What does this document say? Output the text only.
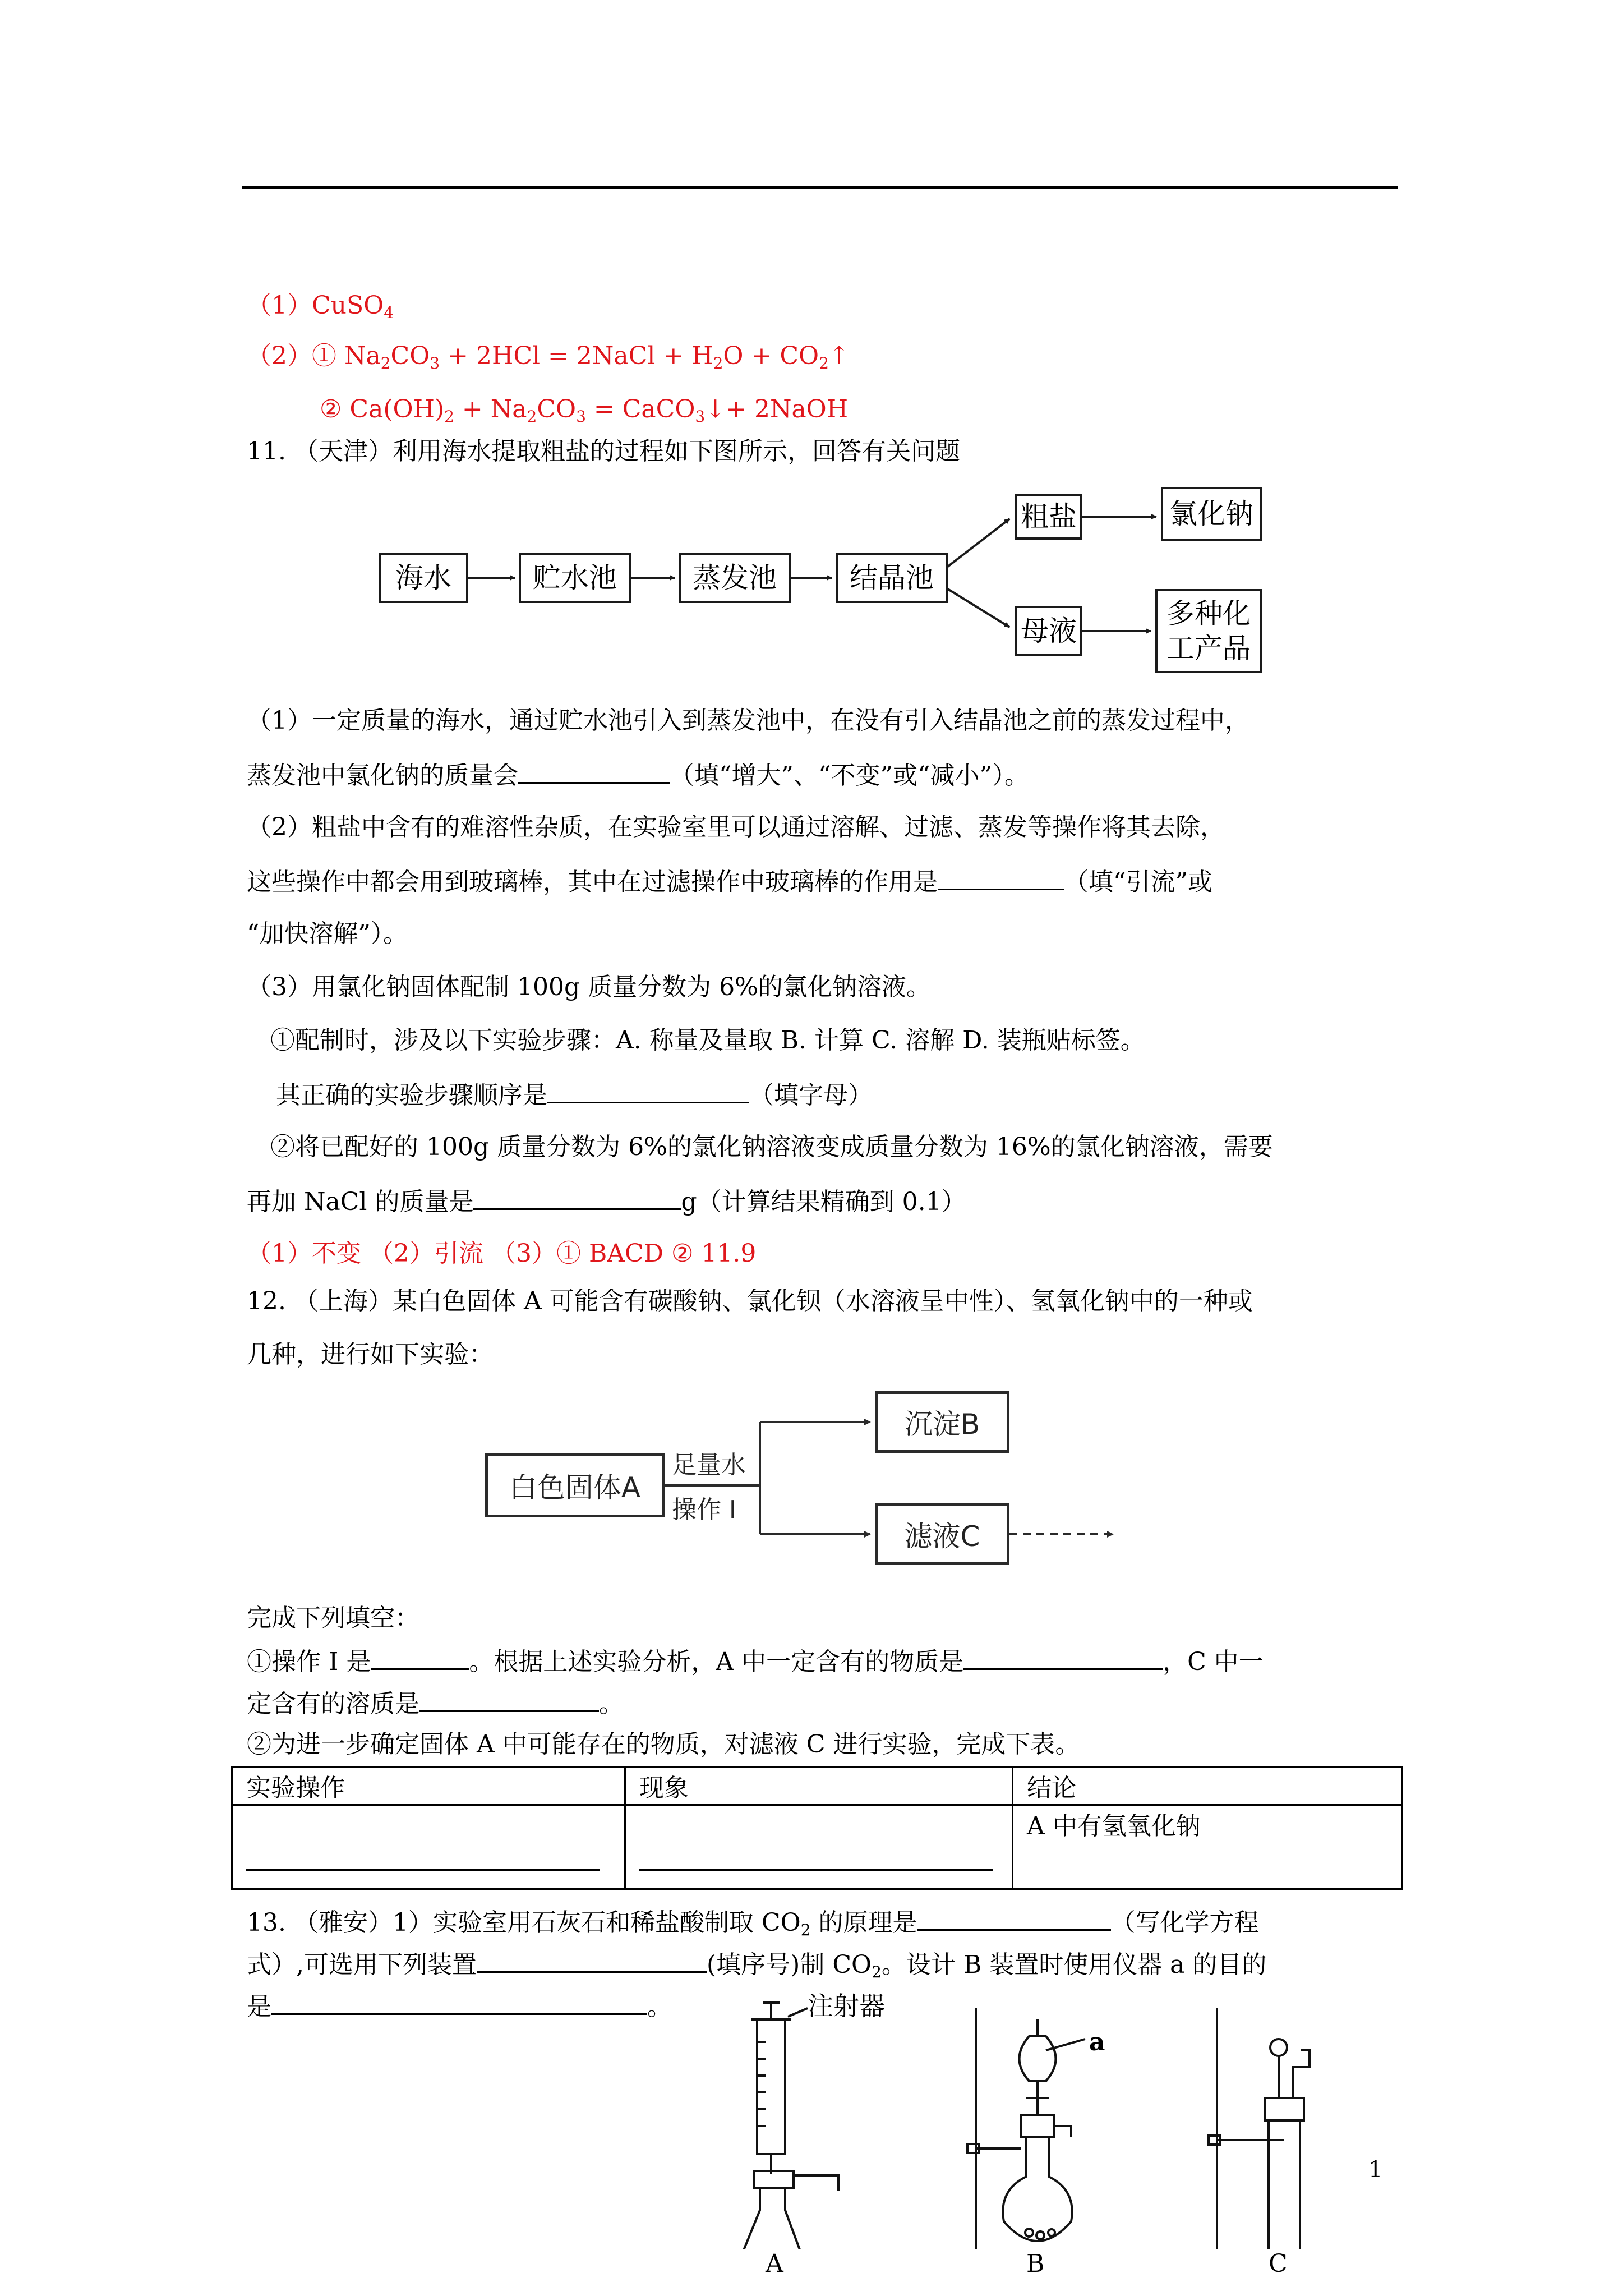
（1）CuSO$_4$
（2）① $Na_2CO_3 + 2HCl$ = 2NaCl + $H_2O$ + $CO_2↑$
② $Ca(OH)_2 + Na_2CO_3$ = CaCO$_3$↓+ 2NaOH
11. （天津）利用海水提取粗盐的过程如下图所示，回答有关问题
海水	贮水池	蒸发池	结晶池
粗盐	氯化钠
母液
多种化
工产品
（1）一定质量的海水，通过贮水池引入到蒸发池中，在没有引入结晶池之前的蒸发过程中，
蒸发池中氯化钠的质量会	（填“增大”、“不变”或“减小”）。
（2）粗盐中含有的难溶性杂质，在实验室里可以通过溶解、过滤、蒸发等操作将其去除，
这些操作中都会用到玻璃棒，其中在过滤操作中玻璃棒的作用是	（填“引流”或
“加快溶解”）。
（3）用氯化钠固体配制 100g 质量分数为 6%的氯化钠溶液。
①配制时，涉及以下实验步骤：A. 称量及量取 B. 计算 C. 溶解 D. 装瓶贴标签。
其正确的实验步骤顺序是	（填字母）
②将已配好的 100g 质量分数为 6%的氯化钠溶液变成质量分数为 16%的氯化钠溶液，需要
再加 NaCl 的质量是	g（计算结果精确到 0.1）
（1）不变 （2）引流 （3）① BACD ② 11.9
12. （上海）某白色固体 A 可能含有碳酸钠、氯化钡（水溶液呈中性）、氢氧化钠中的一种或
几种，进行如下实验：
白色固体A
足量水
操作 I
沉淀B
滤液C
完成下列填空：
①操作 I 是	。根据上述实验分析，A 中一定含有的物质是	，C 中一
定含有的溶质是	。
②为进一步确定固体 A 中可能存在的物质，对滤液 C 进行实验，完成下表。
实验操作	现象	结论
		A 中有氢氧化钠
13. （雅安）1）实验室用石灰石和稀盐酸制取 $CO_2$ 的原理是	（写化学方程
式）,可选用下列装置	(填序号)制 $CO_2$。设计 B 装置时使用仪器 a 的目的
是	。	注射器
a
A	B	C
1
